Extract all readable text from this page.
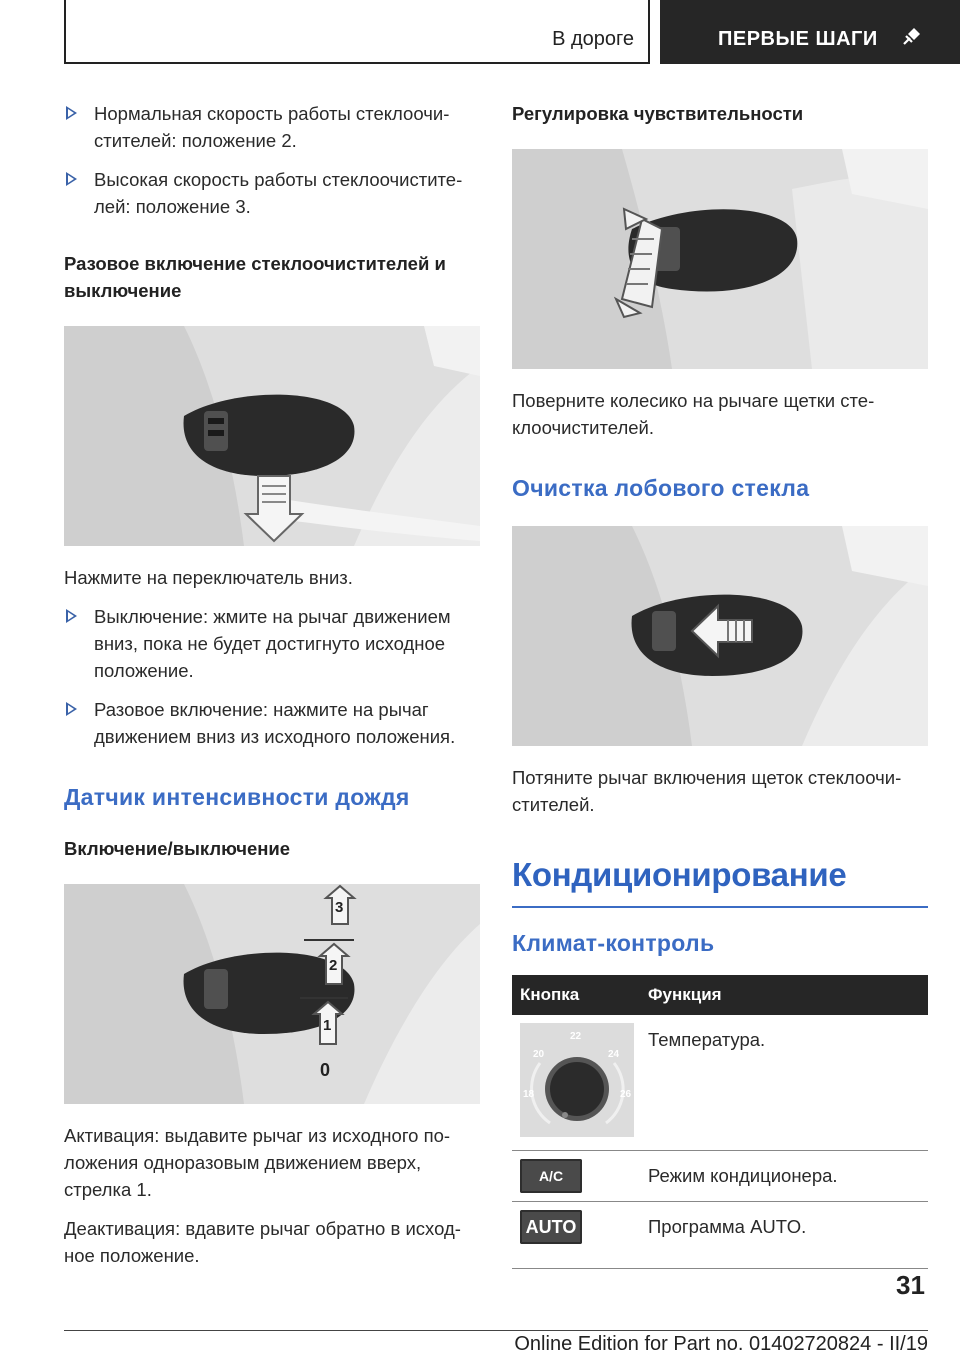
В дороге	ПЕРВЫЕ ШАГИ
Нормальная скорость работы стеклоочистителей: положение 2.
Высокая скорость работы стеклоочистителей: положение 3.
Разовое включение стеклоочистителей и выключение
Нажмите на переключатель вниз.
Выключение: жмите на рычаг движением вниз, пока не будет достигнуто исходное положение.
Разовое включение: нажмите на рычаг движением вниз из исходного положения.
Датчик интенсивности дождя
Включение/выключение
3
2
1
0
Активация: выдавите рычаг из исходного положения одноразовым движением вверх, стрелка 1.
Деактивация: вдавите рычаг обратно в исходное положение.
Регулировка чувствительности
Поверните колесико на рычаге щетки стеклоочистителей.
Очистка лобового стекла
Потяните рычаг включения щеток стеклоочистителей.
Кондиционирование
Климат-контроль
Кнопка	Функция

20
22
24
18 26	Температура.

A/C	Режим кондиционера.

AUTO	Программа AUTO.
31
Online Edition for Part no. 01402720824 - II/19
